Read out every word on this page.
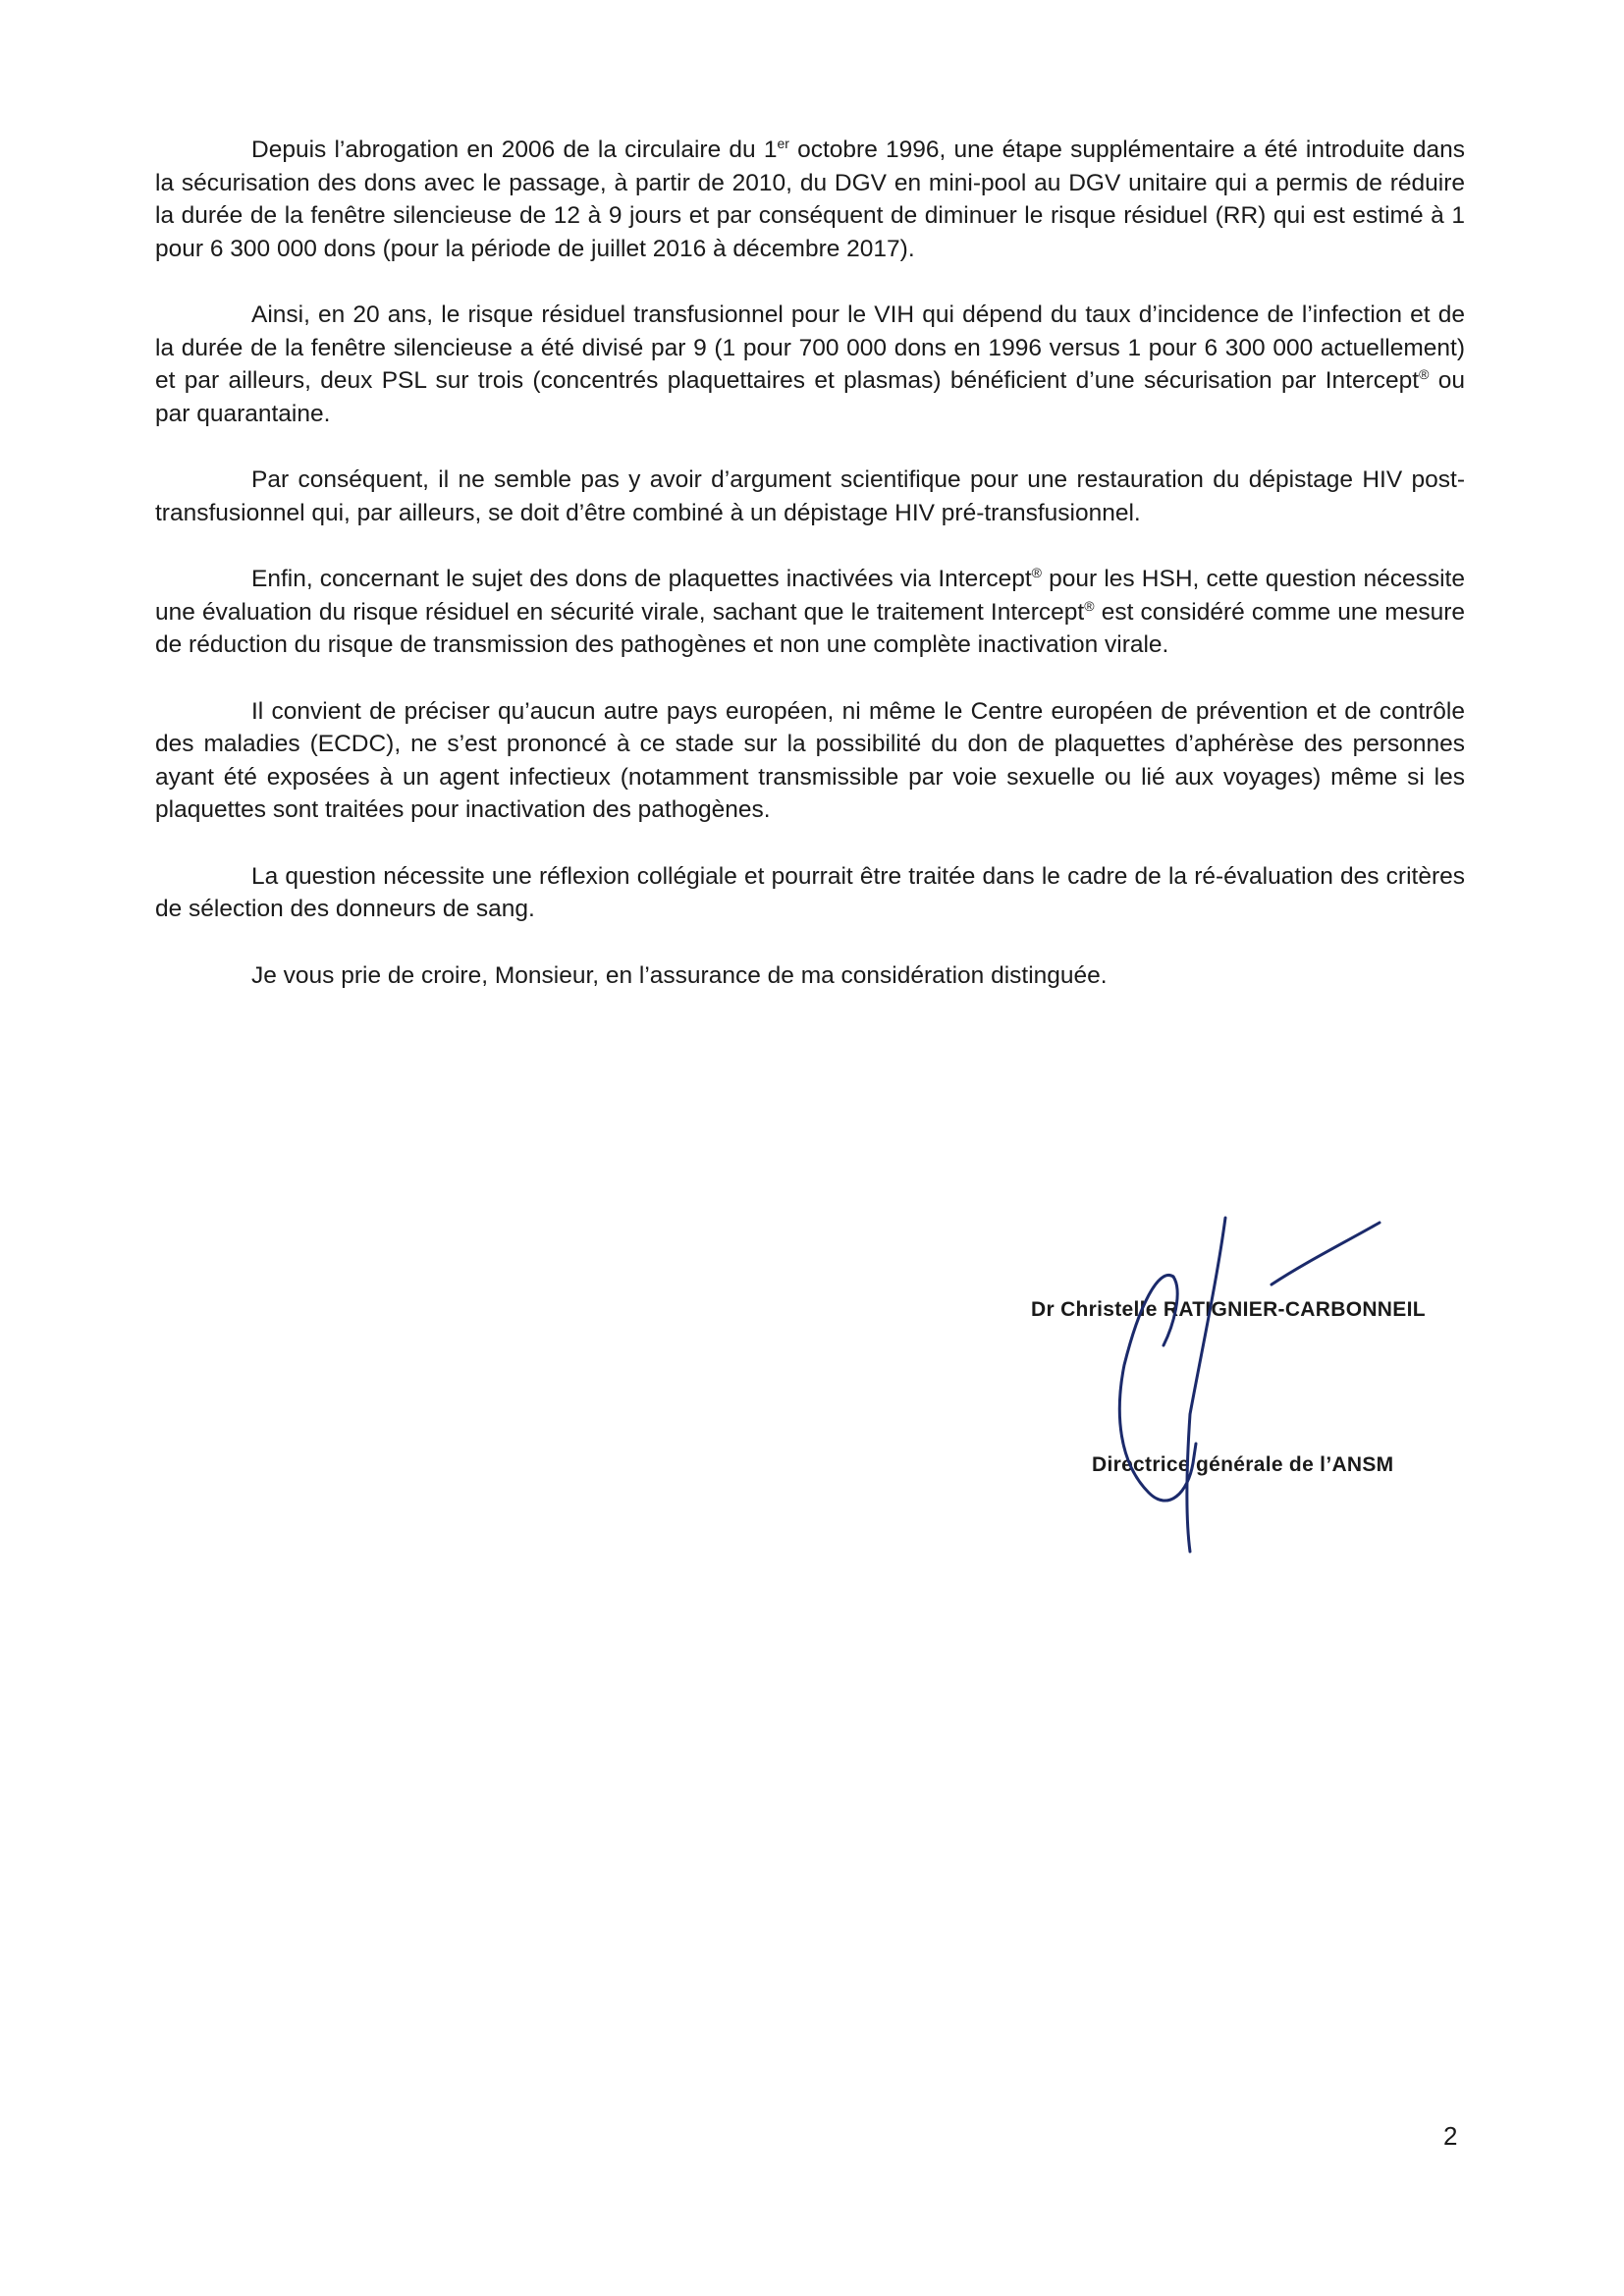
Depuis l’abrogation en 2006 de la circulaire du 1er octobre 1996, une étape supplémentaire a été introduite dans la sécurisation des dons avec le passage, à partir de 2010, du DGV en mini-pool au DGV unitaire qui a permis de réduire la durée de la fenêtre silencieuse de 12 à 9 jours et par conséquent de diminuer le risque résiduel (RR) qui est estimé à 1 pour 6 300 000 dons (pour la période de juillet 2016 à décembre 2017).

Ainsi, en 20 ans, le risque résiduel transfusionnel pour le VIH qui dépend du taux d’incidence de l’infection et de la durée de la fenêtre silencieuse a été divisé par 9 (1 pour 700 000 dons en 1996 versus 1 pour 6 300 000 actuellement) et par ailleurs, deux PSL sur trois (concentrés plaquettaires et plasmas) bénéficient d’une sécurisation par Intercept® ou par quarantaine.

Par conséquent, il ne semble pas y avoir d’argument scientifique pour une restauration du dépistage HIV post-transfusionnel qui, par ailleurs, se doit d’être combiné à un dépistage HIV pré-transfusionnel.

Enfin, concernant le sujet des dons de plaquettes inactivées via Intercept® pour les HSH, cette question nécessite une évaluation du risque résiduel en sécurité virale, sachant que le traitement Intercept® est considéré comme une mesure de réduction du risque de transmission des pathogènes et non une complète inactivation virale.

Il convient de préciser qu’aucun autre pays européen, ni même le Centre européen de prévention et de contrôle des maladies (ECDC), ne s’est prononcé à ce stade sur la possibilité du don de plaquettes d’aphérèse des personnes ayant été exposées à un agent infectieux (notamment transmissible par voie sexuelle ou lié aux voyages) même si les plaquettes sont traitées pour inactivation des pathogènes.

La question nécessite une réflexion collégiale et pourrait être traitée dans le cadre de la ré-évaluation des critères de sélection des donneurs de sang.

Je vous prie de croire, Monsieur, en l’assurance de ma considération distinguée.

Dr Christelle RATIGNIER-CARBONNEIL
Directrice générale de l’ANSM
2
